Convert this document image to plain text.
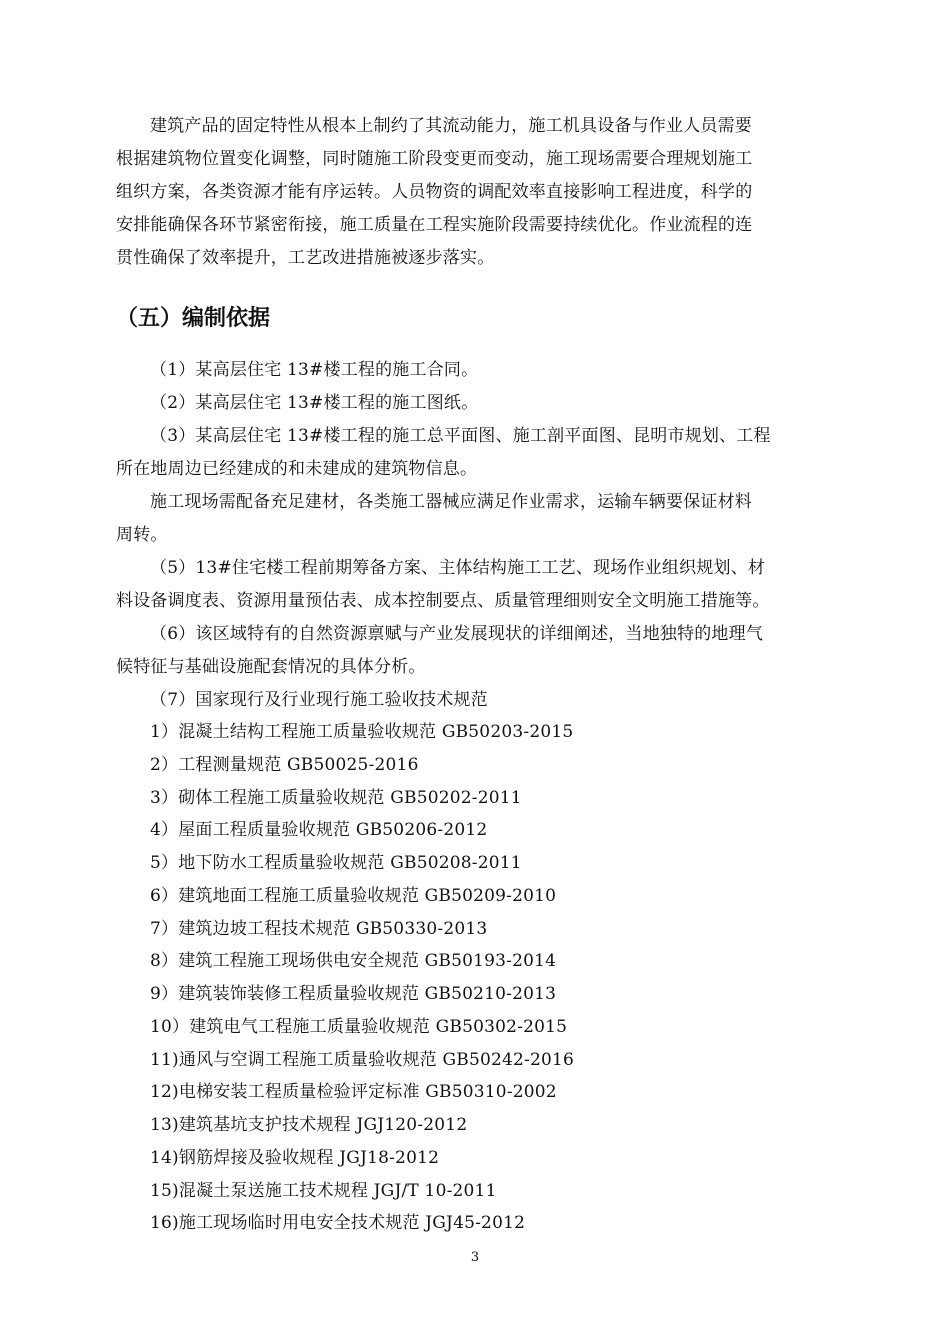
建筑产品的固定特性从根本上制约了其流动能力，施工机具设备与作业人员需要
根据建筑物位置变化调整，同时随施工阶段变更而变动，施工现场需要合理规划施工
组织方案，各类资源才能有序运转。人员物资的调配效率直接影响工程进度，科学的
安排能确保各环节紧密衔接，施工质量在工程实施阶段需要持续优化。作业流程的连
贯性确保了效率提升，工艺改进措施被逐步落实。
（五）编制依据
（1）某高层住宅 13#楼工程的施工合同。
（2）某高层住宅 13#楼工程的施工图纸。
（3）某高层住宅 13#楼工程的施工总平面图、施工剖平面图、昆明市规划、工程
所在地周边已经建成的和未建成的建筑物信息。
施工现场需配备充足建材，各类施工器械应满足作业需求，运输车辆要保证材料
周转。
（5）13#住宅楼工程前期筹备方案、主体结构施工工艺、现场作业组织规划、材
料设备调度表、资源用量预估表、成本控制要点、质量管理细则安全文明施工措施等。
（6）该区域特有的自然资源禀赋与产业发展现状的详细阐述，当地独特的地理气
候特征与基础设施配套情况的具体分析。
（7）国家现行及行业现行施工验收技术规范
1）混凝土结构工程施工质量验收规范 GB50203-2015
2）工程测量规范 GB50025-2016
3）砌体工程施工质量验收规范 GB50202-2011
4）屋面工程质量验收规范 GB50206-2012
5）地下防水工程质量验收规范 GB50208-2011
6）建筑地面工程施工质量验收规范 GB50209-2010
7）建筑边坡工程技术规范 GB50330-2013
8）建筑工程施工现场供电安全规范 GB50193-2014
9）建筑装饰装修工程质量验收规范 GB50210-2013
10）建筑电气工程施工质量验收规范 GB50302-2015
11)通风与空调工程施工质量验收规范 GB50242-2016
12)电梯安装工程质量检验评定标准 GB50310-2002
13)建筑基坑支护技术规程 JGJ120-2012
14)钢筋焊接及验收规程 JGJ18-2012
15)混凝土泵送施工技术规程 JGJ/T 10-2011
16)施工现场临时用电安全技术规范 JGJ45-2012
3
